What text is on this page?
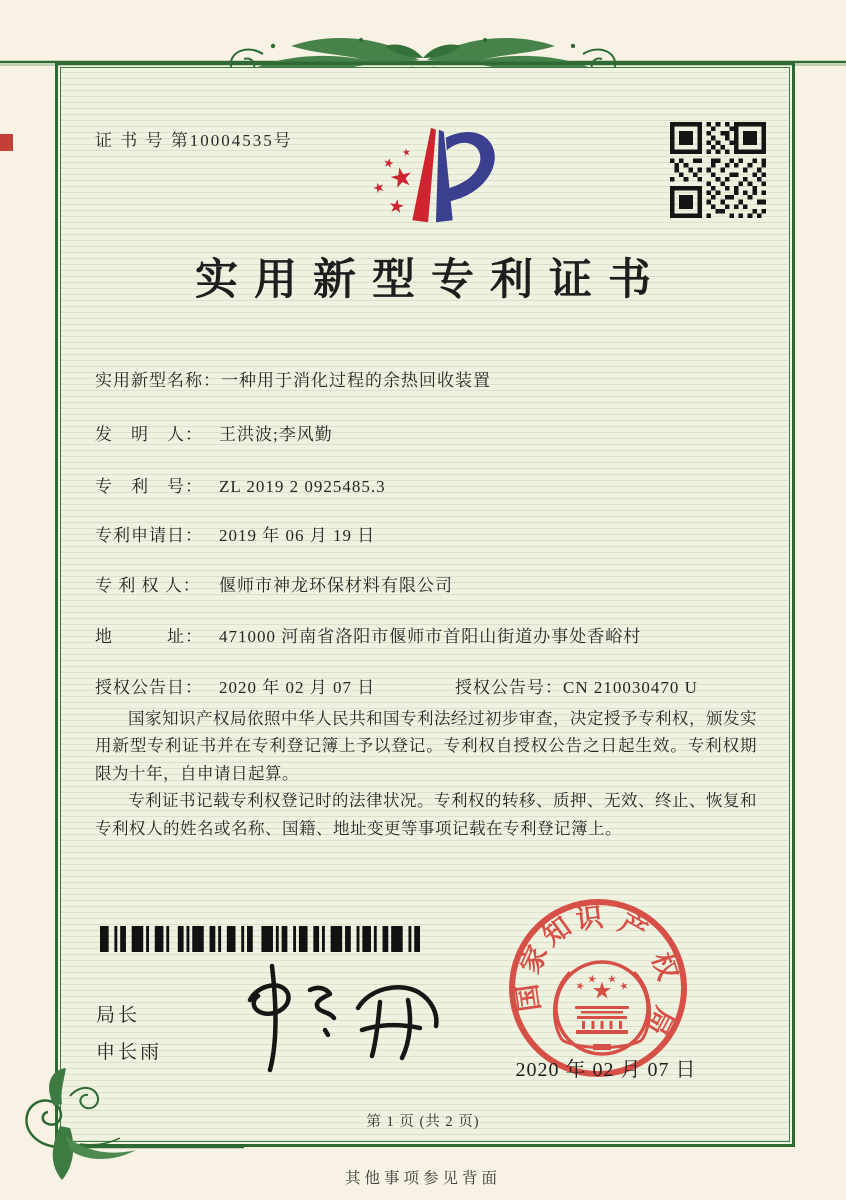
证 书 号 第10004535号
实用新型专利证书
实用新型名称：一种用于消化过程的余热回收装置
发　明　人： 王洪波;李风勤
专　利　号： ZL 2019 2 0925485.3
专利申请日： 2019 年 06 月 19 日
专 利 权 人： 偃师市神龙环保材料有限公司
地　　　址： 471000 河南省洛阳市偃师市首阳山街道办事处香峪村
授权公告日： 2020 年 02 月 07 日	授权公告号：CN 210030470 U

国家知识产权局依照中华人民共和国专利法经过初步审查，决定授予专利权，颁发实用新型专利证书并在专利登记簿上予以登记。专利权自授权公告之日起生效。专利权期限为十年，自申请日起算。

专利证书记载专利权登记时的法律状况。专利权的转移、质押、无效、终止、恢复和专利权人的姓名或名称、国籍、地址变更等事项记载在专利登记簿上。

局长
申长雨
国
家
知
识 产
权
局
2020 年 02 月 07 日
第 1 页 (共 2 页)
其他事项参见背面
